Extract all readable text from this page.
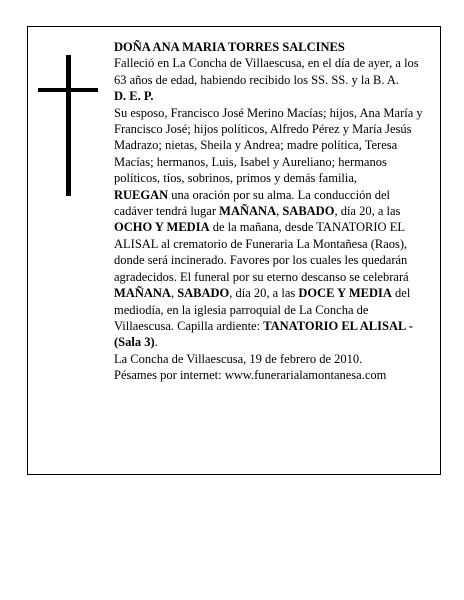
DOÑA ANA MARIA TORRES SALCINES

Falleció en La Concha de Villaescusa, en el día de ayer, a los 63 años de edad, habiendo recibido los SS. SS. y la B. A.

D. E. P.

Su esposo, Francisco José Merino Macías; hijos, Ana María y Francisco José; hijos políticos, Alfredo Pérez y María Jesús Madrazo; nietas, Sheila y Andrea; madre política, Teresa Macías; hermanos, Luis, Isabel y Aureliano; hermanos políticos, tíos, sobrinos, primos y demás familia,

RUEGAN una oración por su alma. La conducción del cadáver tendrá lugar MAÑANA, SABADO, día 20, a las OCHO Y MEDIA de la mañana, desde TANATORIO EL ALISAL al crematorio de Funeraria La Montañesa (Raos), donde será incinerado. Favores por los cuales les quedarán agradecidos. El funeral por su eterno descanso se celebrará MAÑANA, SABADO, día 20, a las DOCE Y MEDIA del mediodía, en la iglesia parroquial de La Concha de Villaescusa. Capilla ardiente: TANATORIO EL ALISAL - (Sala 3).

La Concha de Villaescusa, 19 de febrero de 2010.

Pésames por internet: www.funerarialamontanesa.com
